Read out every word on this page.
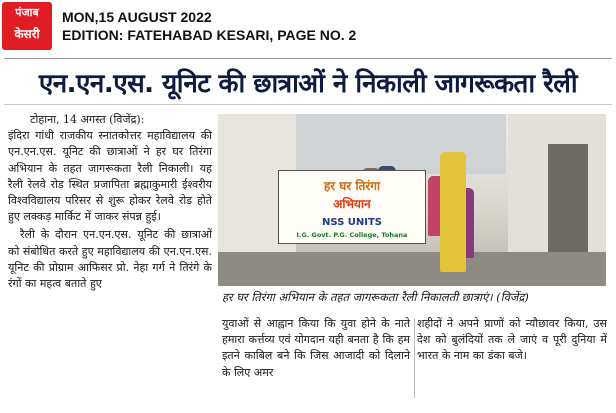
पंजाब
केसरी
MON,15 AUGUST 2022
EDITION: FATEHABAD KESARI, PAGE NO. 2
एन.एन.एस. यूनिट की छात्राओं ने निकाली जागरूकता रैली

टोहाना, 14 अगस्त (विजेंद्र):

इंदिरा गांधी राजकीय स्नातकोत्तर महाविद्यालय की एन.एन.एस. यूनिट की छात्राओं ने हर घर तिरंगा अभियान के तहत जागरूकता रैली निकाली। यह रैली रेलवे रोड स्थित प्रजापिता ब्रह्माकुमारी ईश्वरीय विश्वविद्यालय परिसर से शुरू होकर रेलवे रोड होते हुए लक्कड़ मार्किट में जाकर संपन्न हुई।

रैली के दौरान एन.एन.एस. यूनिट की छात्राओं को संबोधित करते हुए महाविद्यालय की एन.एन.एस. यूनिट की प्रोग्राम आफिसर प्रो. नेहा गर्ग ने तिरंगे के रंगों का महत्व बताते हुए

हर घर तिरंगा
अभियान
NSS UNITS
I.G. Govt. P.G. College, Tohana
हर घर तिरंगा अभियान के तहत जागरूकता रैली निकालती छात्राएं। (विजेंद्र)

युवाओं से आह्वान किया कि युवा होने के नाते हमारा कर्त्तव्य एवं योगदान यही बनता है कि हम इतने काबिल बने कि जिस आजादी को दिलाने के लिए अमर

शहीदों ने अपने प्राणों को न्यौछावर किया, उस देश को बुलंदियों तक ले जाएं व पूरी दुनिया में भारत के नाम का डंका बजे।
